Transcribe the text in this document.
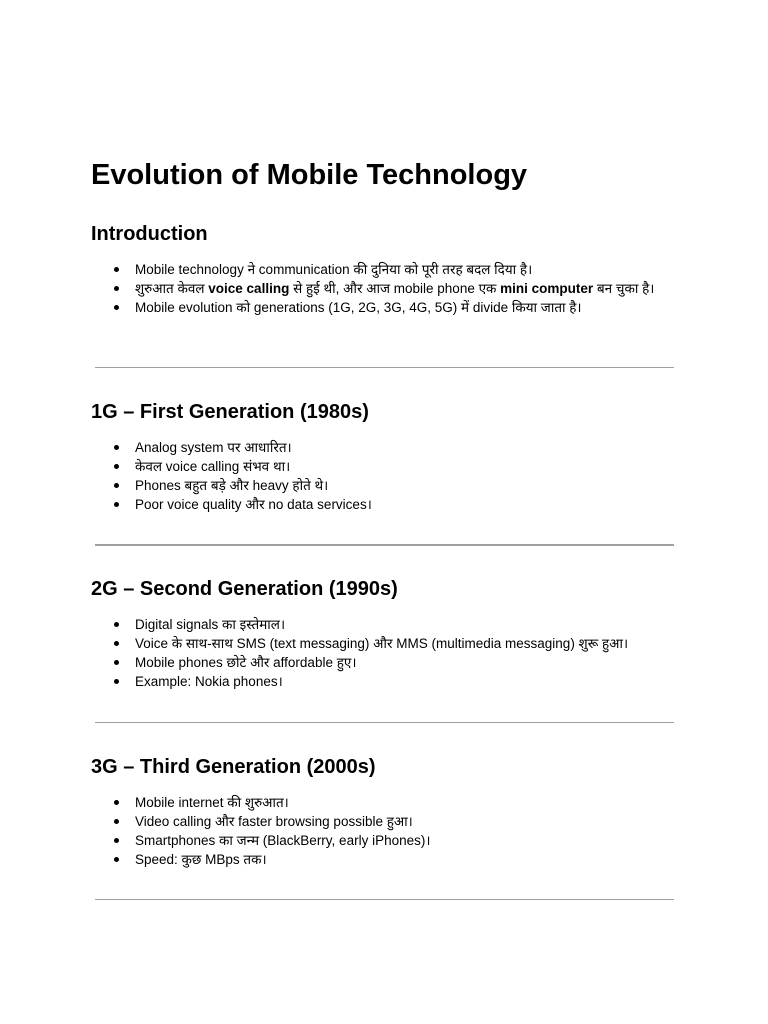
Evolution of Mobile Technology
Introduction
Mobile technology ने communication की दुनिया को पूरी तरह बदल दिया है।
शुरुआत केवल voice calling से हुई थी, और आज mobile phone एक mini computer बन चुका है।
Mobile evolution को generations (1G, 2G, 3G, 4G, 5G) में divide किया जाता है।
1G – First Generation (1980s)
Analog system पर आधारित।
केवल voice calling संभव था।
Phones बहुत बड़े और heavy होते थे।
Poor voice quality और no data services।
2G – Second Generation (1990s)
Digital signals का इस्तेमाल।
Voice के साथ-साथ SMS (text messaging) और MMS (multimedia messaging) शुरू हुआ।
Mobile phones छोटे और affordable हुए।
Example: Nokia phones।
3G – Third Generation (2000s)
Mobile internet की शुरुआत।
Video calling और faster browsing possible हुआ।
Smartphones का जन्म (BlackBerry, early iPhones)।
Speed: कुछ MBps तक।
